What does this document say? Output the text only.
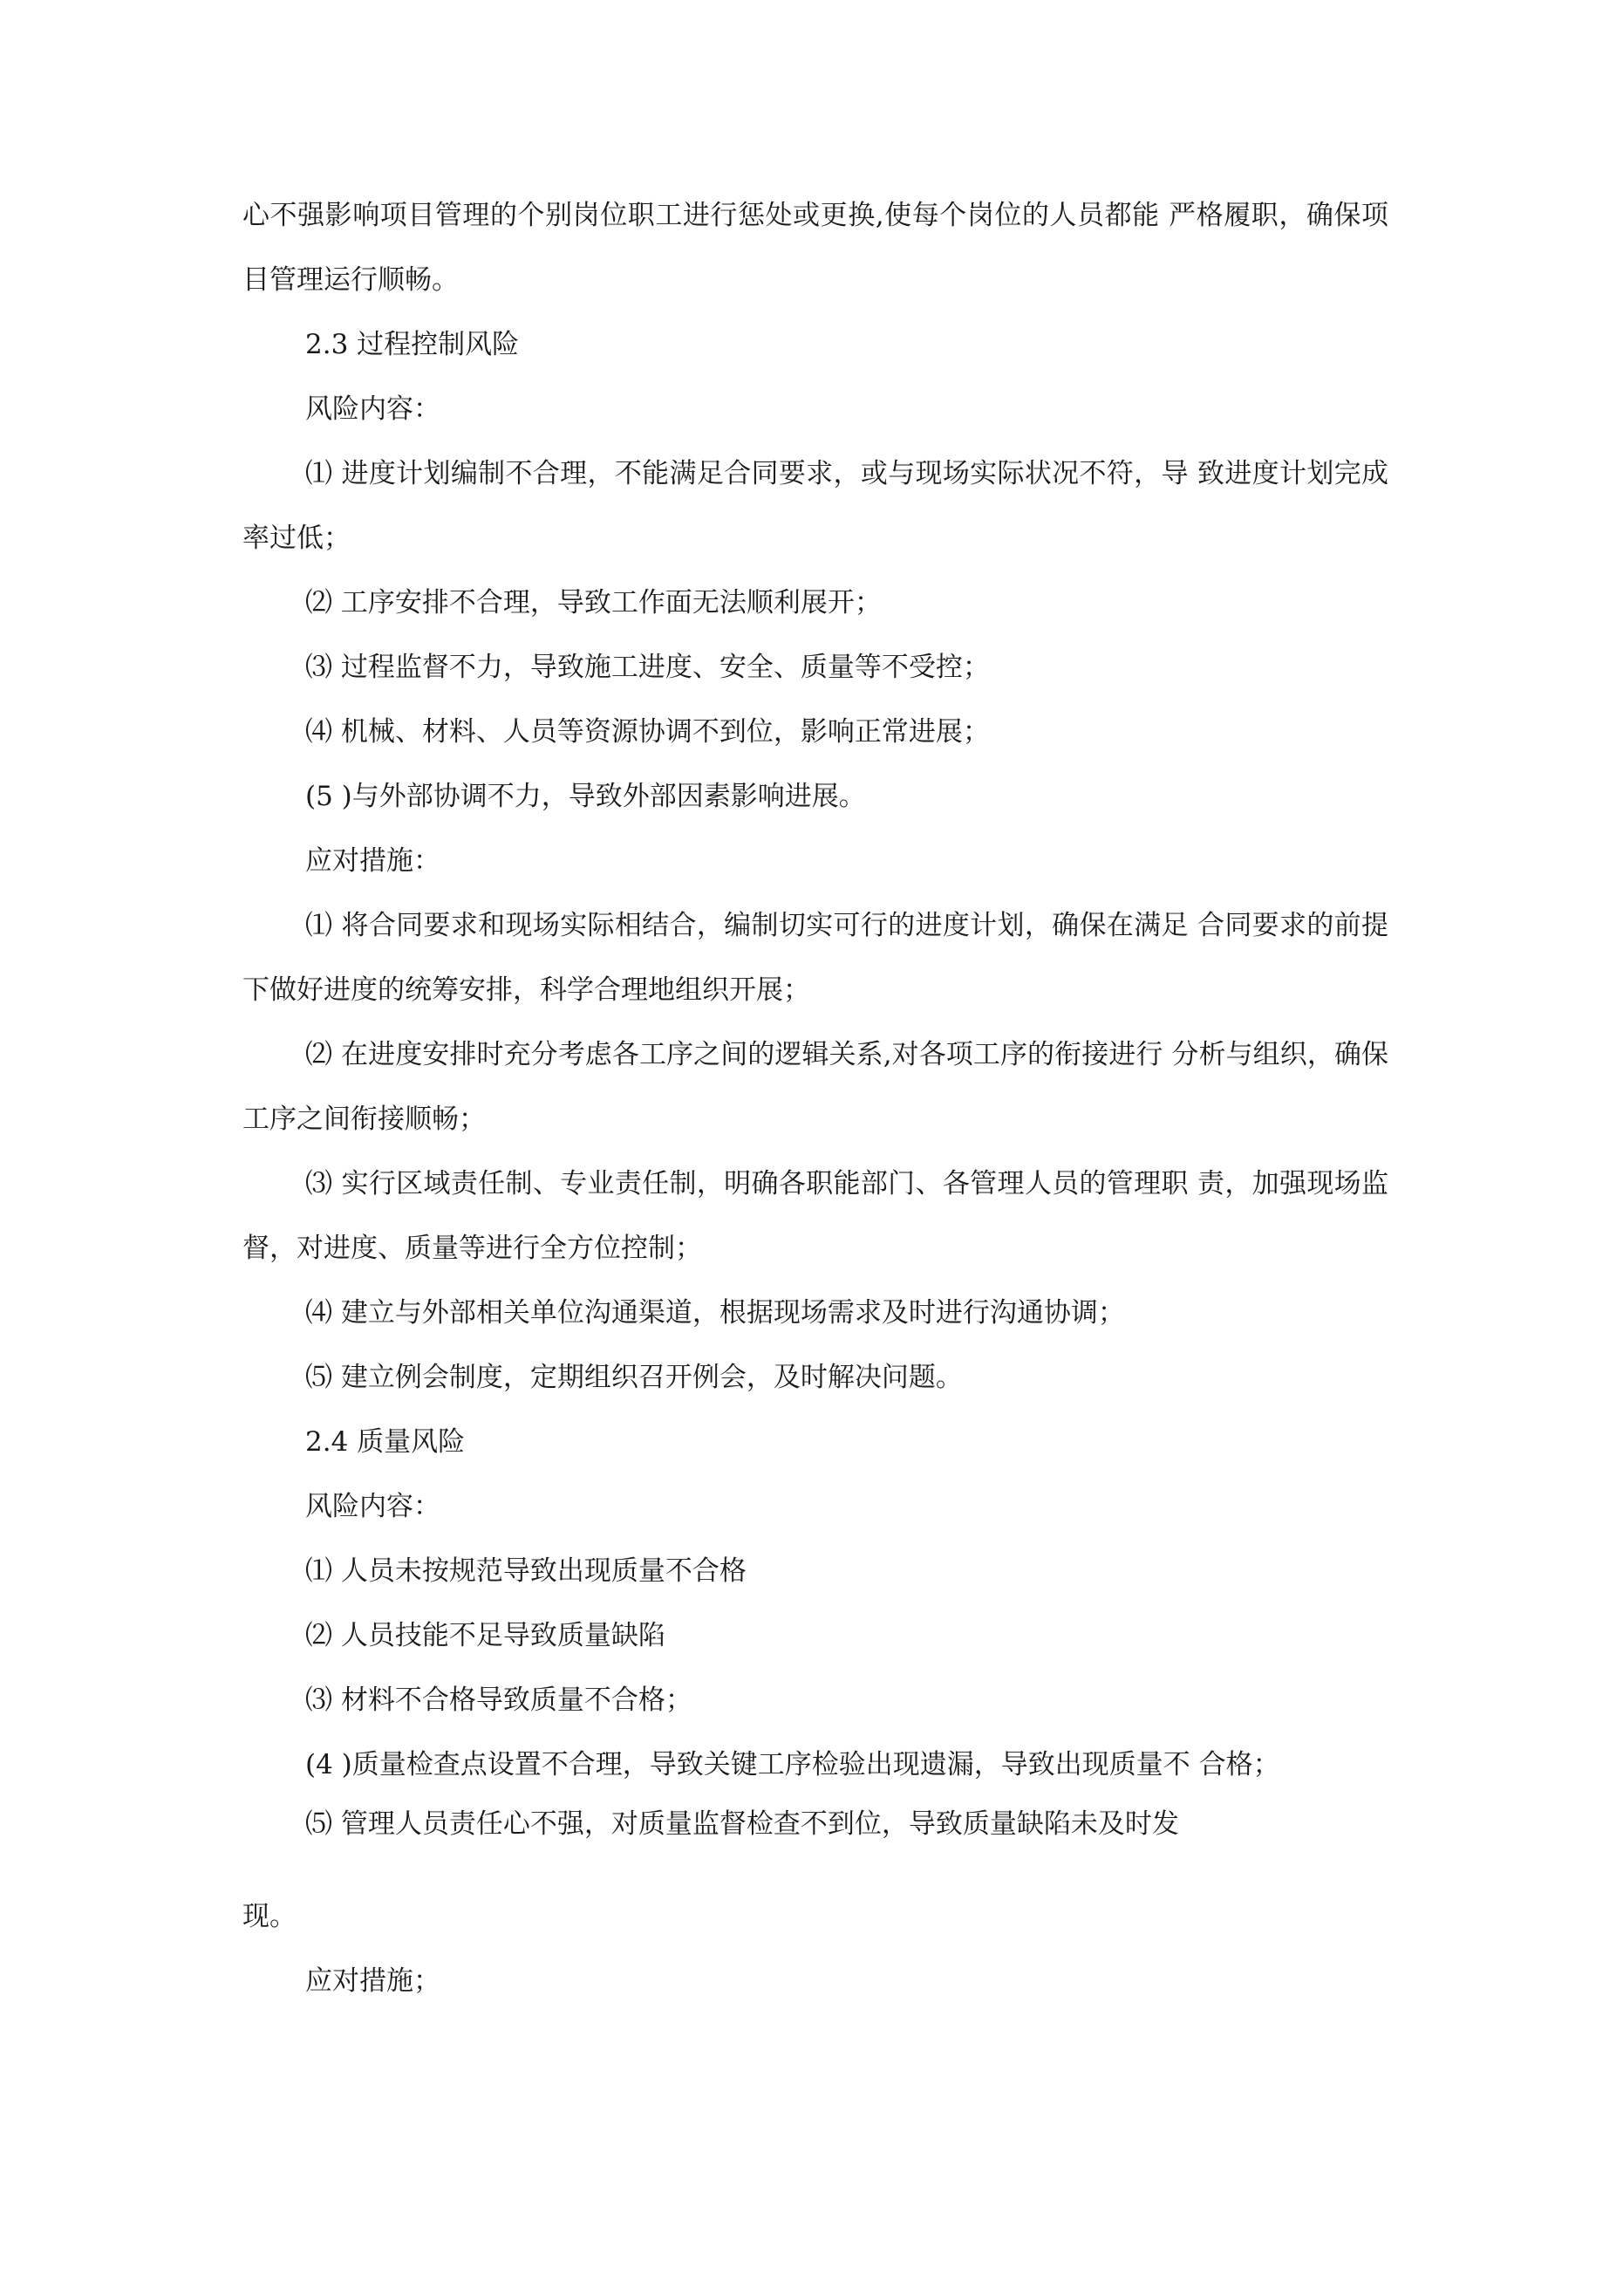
心不强影响项目管理的个别岗位职工进行惩处或更换,使每个岗位的人员都能 严格履职，确保项目管理运行顺畅。

2.3 过程控制风险

风险内容：

⑴ 进度计划编制不合理，不能满足合同要求，或与现场实际状况不符，导 致进度计划完成率过低；

⑵ 工序安排不合理，导致工作面无法顺利展开；

⑶ 过程监督不力，导致施工进度、安全、质量等不受控；

⑷ 机械、材料、人员等资源协调不到位，影响正常进展；

(5 )与外部协调不力，导致外部因素影响进展。

应对措施：

⑴ 将合同要求和现场实际相结合，编制切实可行的进度计划，确保在满足 合同要求的前提下做好进度的统筹安排，科学合理地组织开展；

⑵ 在进度安排时充分考虑各工序之间的逻辑关系,对各项工序的衔接进行 分析与组织，确保工序之间衔接顺畅；

⑶ 实行区域责任制、专业责任制，明确各职能部门、各管理人员的管理职 责，加强现场监督，对进度、质量等进行全方位控制；

⑷ 建立与外部相关单位沟通渠道，根据现场需求及时进行沟通协调；

⑸ 建立例会制度，定期组织召开例会，及时解决问题。

2.4 质量风险

风险内容：

⑴ 人员未按规范导致出现质量不合格

⑵ 人员技能不足导致质量缺陷

⑶ 材料不合格导致质量不合格；

(4 )质量检查点设置不合理，导致关键工序检验出现遗漏，导致出现质量不 合格；

⑸ 管理人员责任心不强，对质量监督检查不到位，导致质量缺陷未及时发

现。

应对措施；
